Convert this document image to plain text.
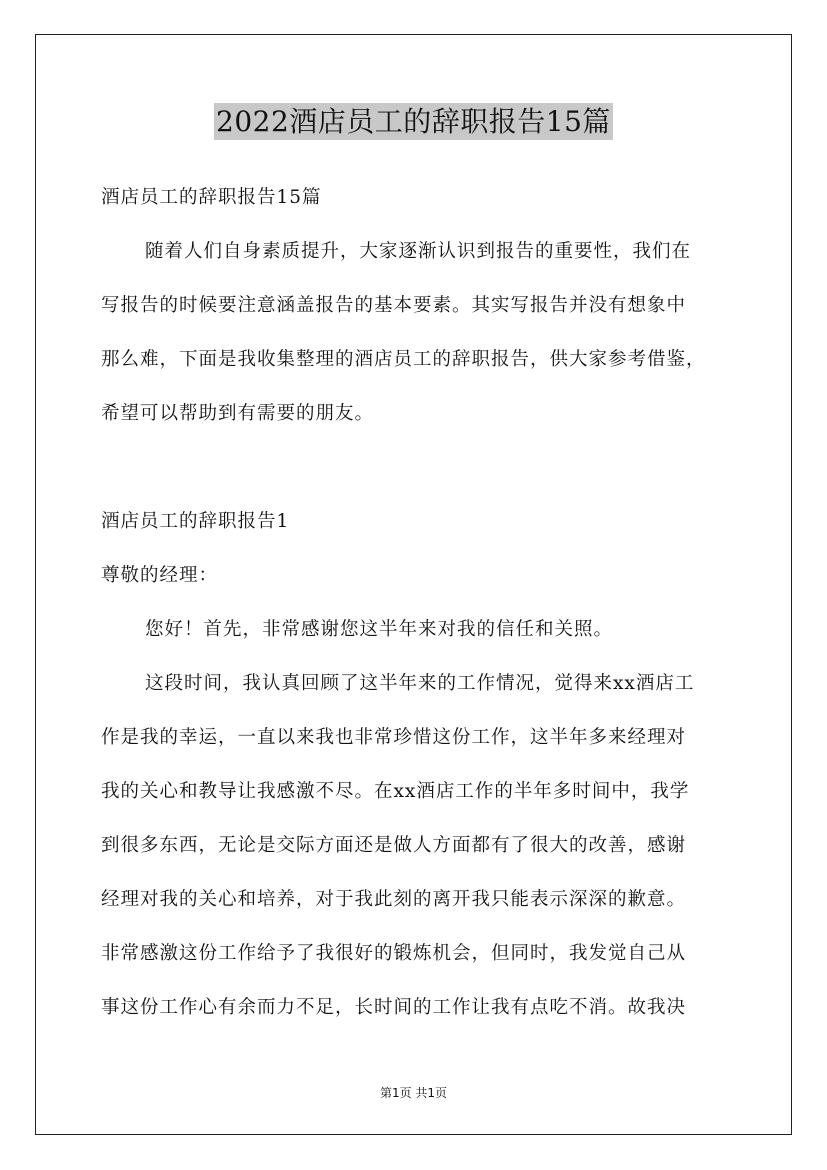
2022酒店员工的辞职报告15篇
酒店员工的辞职报告15篇
随着人们自身素质提升，大家逐渐认识到报告的重要性，我们在
写报告的时候要注意涵盖报告的基本要素。其实写报告并没有想象中
那么难，下面是我收集整理的酒店员工的辞职报告，供大家参考借鉴，
希望可以帮助到有需要的朋友。
酒店员工的辞职报告1
尊敬的经理：
您好！首先，非常感谢您这半年来对我的信任和关照。
这段时间，我认真回顾了这半年来的工作情况，觉得来xx酒店工
作是我的幸运，一直以来我也非常珍惜这份工作，这半年多来经理对
我的关心和教导让我感激不尽。在xx酒店工作的半年多时间中，我学
到很多东西，无论是交际方面还是做人方面都有了很大的改善，感谢
经理对我的关心和培养，对于我此刻的离开我只能表示深深的歉意。
非常感激这份工作给予了我很好的锻炼机会，但同时，我发觉自己从
事这份工作心有余而力不足，长时间的工作让我有点吃不消。故我决
第1页 共1页
